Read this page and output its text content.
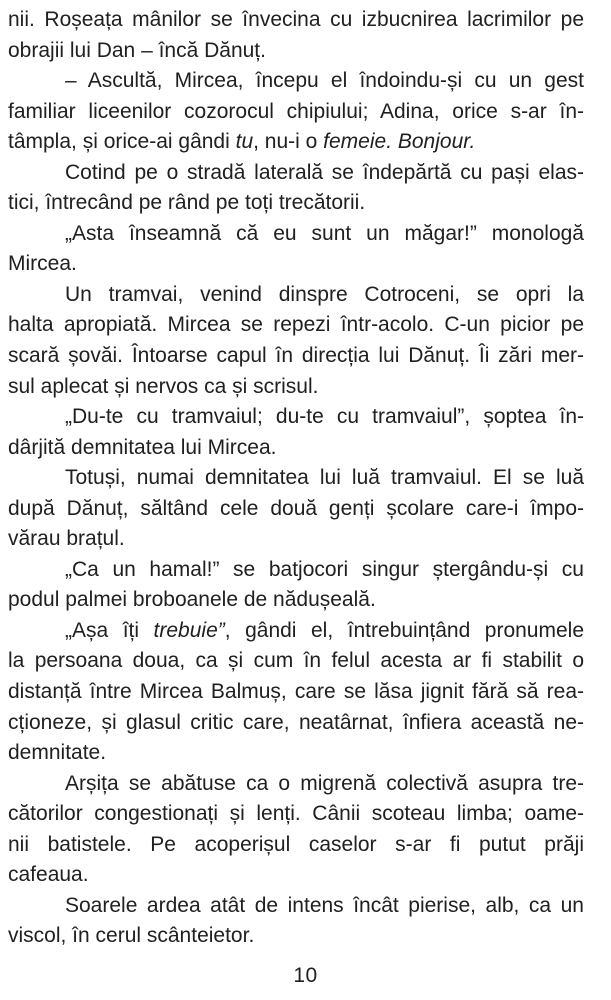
nii. Roșeața mânilor se învecina cu izbucnirea lacrimilor pe
obrajii lui Dan – încă Dănuț.
– Ascultă, Mircea, începu el îndoindu-și cu un gest
familiar liceenilor cozorocul chipiului; Adina, orice s-ar în-
tâmpla, și orice-ai gândi tu, nu-i o femeie. Bonjour.
Cotind pe o stradă laterală se îndepărtă cu pași elas-
tici, întrecând pe rând pe toți trecătorii.
„Asta înseamnă că eu sunt un măgar!” monologă
Mircea.
Un tramvai, venind dinspre Cotroceni, se opri la
halta apropiată. Mircea se repezi într-acolo. C-un picior pe
scară șovăi. Întoarse capul în direcția lui Dănuț. Îi zări mer-
sul aplecat și nervos ca și scrisul.
„Du-te cu tramvaiul; du-te cu tramvaiul”, șoptea în-
dârjită demnitatea lui Mircea.
Totuși, numai demnitatea lui luă tramvaiul. El se luă
după Dănuț, săltând cele două genți școlare care-i împo-
vărau brațul.
„Ca un hamal!” se batjocori singur ștergându-și cu
podul palmei broboanele de nădușeală.
„Așa îți trebuie”, gândi el, întrebuințând pronumele
la persoana doua, ca și cum în felul acesta ar fi stabilit o
distanță între Mircea Balmuș, care se lăsa jignit fără să rea-
cționeze, și glasul critic care, neatârnat, înfiera această ne-
demnitate.
Arșița se abătuse ca o migrenă colectivă asupra tre-
cătorilor congestionați și lenți. Cânii scoteau limba; oame-
nii batistele. Pe acoperișul caselor s-ar fi putut prăji
cafeaua.
Soarele ardea atât de intens încât pierise, alb, ca un
viscol, în cerul scânteietor.
10
